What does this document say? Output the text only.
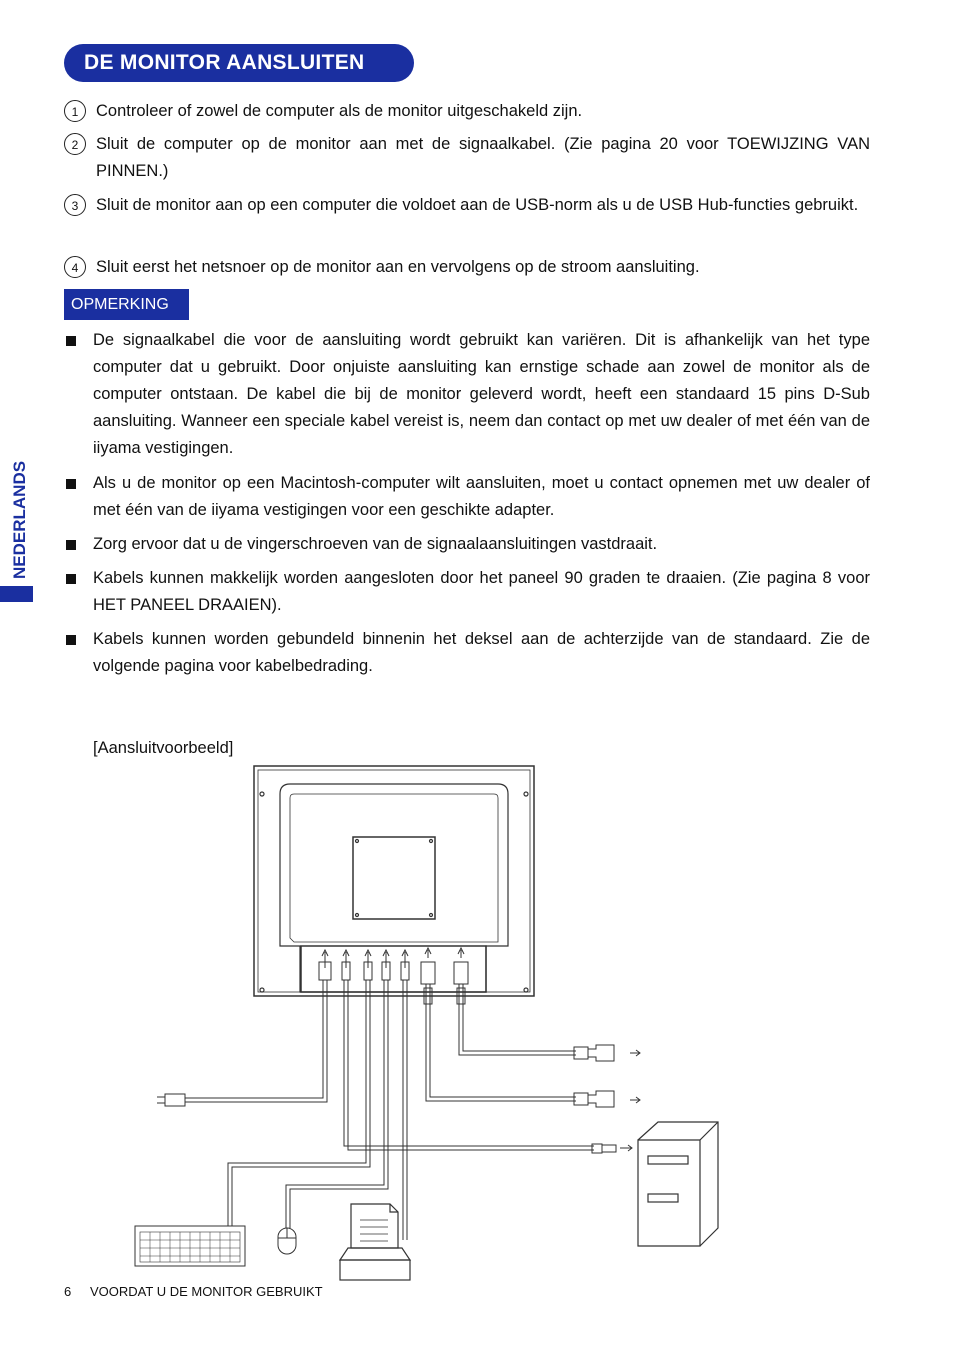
DE MONITOR AANSLUITEN
NEDERLANDS
1	Controleer of zowel de computer als de monitor uitgeschakeld zijn.
2	Sluit de computer op de monitor aan met de signaalkabel. (Zie pagina 20 voor TOEWIJZING VAN PINNEN.)
3	Sluit de monitor aan op een computer die voldoet aan de USB-norm als u de USB Hub-functies gebruikt.
4	Sluit eerst het netsnoer op de monitor aan en vervolgens op de stroom aansluiting.
OPMERKING
De signaalkabel die voor de aansluiting wordt gebruikt kan variëren. Dit is afhankelijk van het type computer dat u gebruikt. Door onjuiste aansluiting kan ernstige schade aan zowel de monitor als de computer ontstaan. De kabel die bij de monitor geleverd wordt, heeft een standaard 15 pins D-Sub aansluiting. Wanneer een speciale kabel vereist is, neem dan contact op met uw dealer of met één van de iiyama vestigingen.
Als u de monitor op een Macintosh-computer wilt aansluiten, moet u contact opnemen met uw dealer of met één van de iiyama vestigingen voor een geschikte adapter.
Zorg ervoor dat u de vingerschroeven van de signaalaansluitingen vastdraait.
Kabels kunnen makkelijk worden aangesloten door het paneel 90 graden te draaien. (Zie pagina 8 voor HET PANEEL DRAAIEN).
Kabels kunnen worden gebundeld binnenin het deksel aan de achterzijde van de standaard. Zie de volgende pagina voor kabelbedrading.
[Aansluitvoorbeeld]
6 VOORDAT U DE MONITOR GEBRUIKT
